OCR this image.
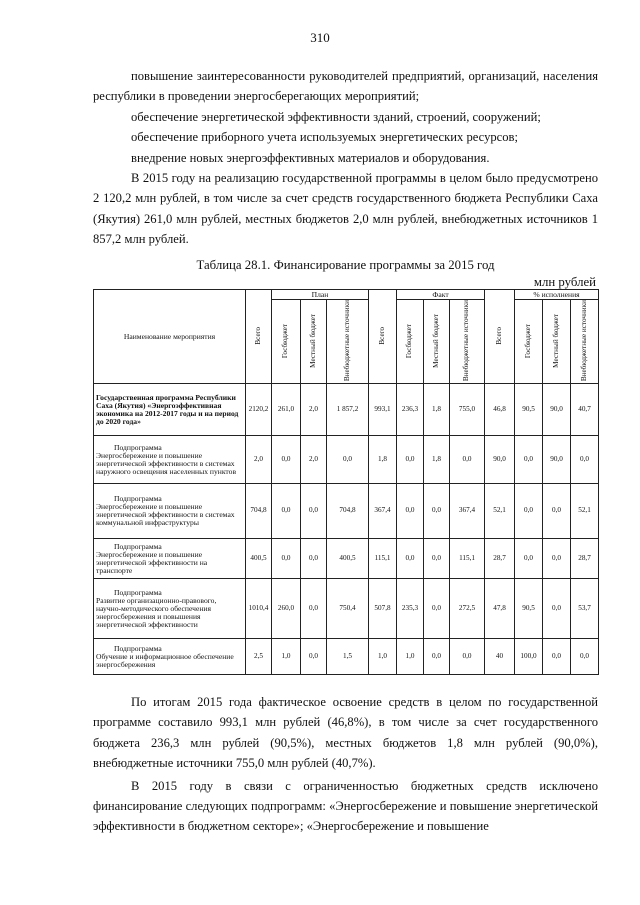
310

повышение заинтересованности руководителей предприятий, организаций, населения республики в проведении энергосберегающих мероприятий;

обеспечение энергетической эффективности зданий, строений, сооружений;

обеспечение приборного учета используемых энергетических ресурсов;

внедрение новых энергоэффективных материалов и оборудования.

В 2015 году на реализацию государственной программы в целом было предусмотрено 2 120,2 млн рублей, в том числе за счет средств государственного бюджета Республики Саха (Якутия) 261,0 млн рублей, местных бюджетов 2,0 млн рублей, внебюджетных источников 1 857,2 млн рублей.

Таблица 28.1. Финансирование программы за 2015 год
млн рублей
Наименование мероприятия	Всего	План			Всего	Факт			Всего	% исполнения		
		Госбюджет	Местный бюджет	Внебюджетные источники		Госбюджет	Местный бюджет	Внебюджетные источники		Госбюджет	Местный бюджет	Внебюджетные источники
Государственная программа Республики Саха (Якутия) «Энергоэффективная экономика на 2012-2017 годы и на период до 2020 года»	2120,2	261,0	2,0	1 857,2	993,1	236,3	1,8	755,0	46,8	90,5	90,0	40,7

Подпрограмма
Энергосбережение и повышение энергетической эффективности в системах наружного освещения населенных пунктов	2,0	0,0	2,0	0,0	1,8	0,0	1,8	0,0	90,0	0,0	90,0	0,0

Подпрограмма
Энергосбережение и повышение энергетической эффективности в системах коммунальной инфраструктуры	704,8	0,0	0,0	704,8	367,4	0,0	0,0	367,4	52,1	0,0	0,0	52,1

Подпрограмма
Энергосбережение и повышение энергетической эффективности на транспорте	400,5	0,0	0,0	400,5	115,1	0,0	0,0	115,1	28,7	0,0	0,0	28,7

Подпрограмма
Развитие организационно-правового, научно-методического обеспечения энергосбережения и повышения энергетической эффективности	1010,4	260,0	0,0	750,4	507,8	235,3	0,0	272,5	47,8	90,5	0,0	53,7

Подпрограмма
Обучение и информационное обеспечение энергосбережения	2,5	1,0	0,0	1,5	1,0	1,0	0,0	0,0	40	100,0	0,0	0,0

По итогам 2015 года фактическое освоение средств в целом по государственной программе составило 993,1 млн рублей (46,8%), в том числе за счет государственного бюджета 236,3 млн рублей (90,5%), местных бюджетов 1,8 млн рублей (90,0%), внебюджетные источники 755,0 млн рублей (40,7%).

В 2015 году в связи с ограниченностью бюджетных средств исключено финансирование следующих подпрограмм: «Энергосбережение и повышение энергетической эффективности в бюджетном секторе»; «Энергосбережение и повышение
